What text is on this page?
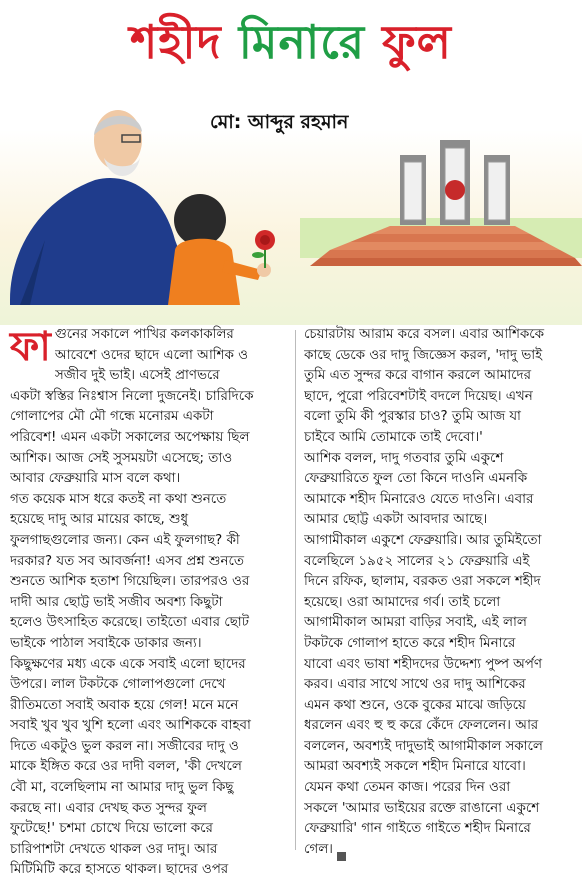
শহীদ মিনারে ফুল
মো: আব্দুর রহমান
ফা গুনের সকালে পাখির কলকাকলির
আবেশে ওদের ছাদে এলো আশিক ও
সজীব দুই ভাই। এসেই প্রাণভরে
একটা স্বস্তির নিঃশ্বাস নিলো দুজনেই। চারিদিকে
গোলাপের মৌ মৌ গন্ধে মনোরম একটা
পরিবেশ! এমন একটা সকালের অপেক্ষায় ছিল
আশিক। আজ সেই সুসময়টা এসেছে; তাও
আবার ফেব্রুয়ারি মাস বলে কথা।
গত কয়েক মাস ধরে কতই না কথা শুনতে
হয়েছে দাদু আর মায়ের কাছে, শুধু
ফুলগাছগুলোর জন্য। কেন এই ফুলগাছ? কী
দরকার? যত সব আবর্জনা! এসব প্রশ্ন শুনতে
শুনতে আশিক হতাশ গিয়েছিল। তারপরও ওর
দাদী আর ছোট্ট ভাই সজীব অবশ্য কিছুটা
হলেও উৎসাহিত করেছে। তাইতো এবার ছোট
ভাইকে পাঠাল সবাইকে ডাকার জন্য।
কিছুক্ষণের মধ্য একে একে সবাই এলো ছাদের
উপরে। লাল টকটকে গোলাপগুলো দেখে
রীতিমতো সবাই অবাক হয়ে গেল! মনে মনে
সবাই খুব খুব খুশি হলো এবং আশিককে বাহবা
দিতে একটুও ভুল করল না। সজীবের দাদু ও
মাকে ইঙ্গিত করে ওর দাদী বলল, 'কী দেখলে
বৌ মা, বলেছিলাম না আমার দাদু ভুল কিছু
করছে না। এবার দেখছ কত সুন্দর ফুল
ফুটেছে!' চশমা চোখে দিয়ে ভালো করে
চারিপাশটা দেখতে থাকল ওর দাদু। আর
মিটিমিটি করে হাসতে থাকল। ছাদের ওপর
চেয়ারটায় আরাম করে বসল। এবার আশিককে
কাছে ডেকে ওর দাদু জিজ্ঞেস করল, 'দাদু ভাই
তুমি এত সুন্দর করে বাগান করলে আমাদের
ছাদে, পুরো পরিবেশটাই বদলে দিয়েছ। এখন
বলো তুমি কী পুরস্কার চাও? তুমি আজ যা
চাইবে আমি তোমাকে তাই দেবো।'
আশিক বলল, দাদু গতবার তুমি একুশে
ফেব্রুয়ারিতে ফুল তো কিনে দাওনি এমনকি
আমাকে শহীদ মিনারেও যেতে দাওনি। এবার
আমার ছোট্ট একটা আবদার আছে।
আগামীকাল একুশে ফেব্রুয়ারি। আর তুমিইতো
বলেছিলে ১৯৫২ সালের ২১ ফেব্রুয়ারি এই
দিনে রফিক, ছালাম, বরকত ওরা সকলে শহীদ
হয়েছে। ওরা আমাদের গর্ব। তাই চলো
আগামীকাল আমরা বাড়ির সবাই, এই লাল
টকটকে গোলাপ হাতে করে শহীদ মিনারে
যাবো এবং ভাষা শহীদদের উদ্দেশ্য পুষ্প অর্পণ
করব। এবার সাথে সাথে ওর দাদু আশিকের
এমন কথা শুনে, ওকে বুকের মাঝে জড়িয়ে
ধরলেন এবং হু হু করে কেঁদে ফেললেন। আর
বললেন, অবশ্যই দাদুভাই আগামীকাল সকালে
আমরা অবশ্যই সকলে শহীদ মিনারে যাবো।
যেমন কথা তেমন কাজ। পরের দিন ওরা
সকলে 'আমার ভাইয়ের রক্তে রাঙানো একুশে
ফেব্রুয়ারি' গান গাইতে গাইতে শহীদ মিনারে
গেল।
